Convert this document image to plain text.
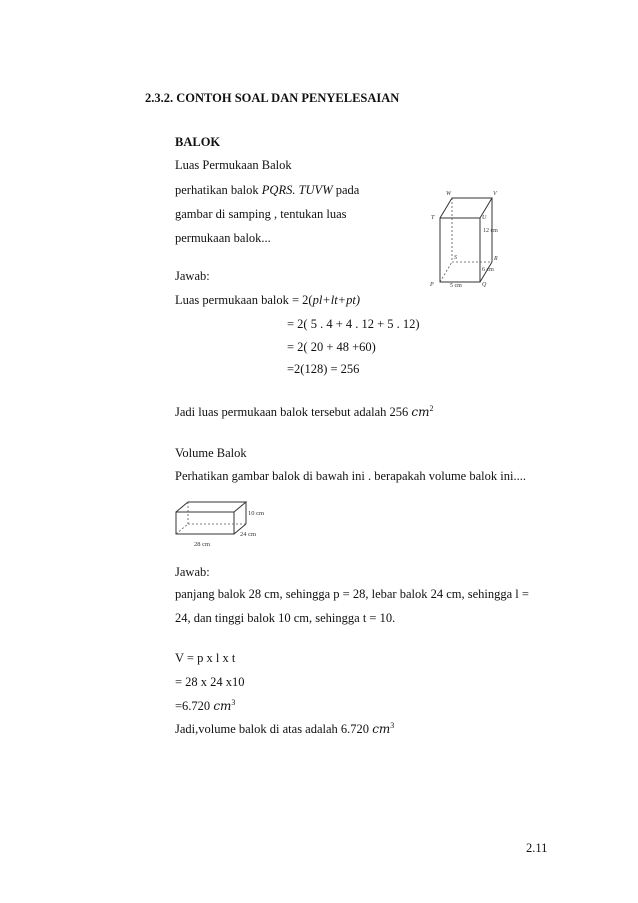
2.3.2. CONTOH SOAL DAN PENYELESAIAN
BALOK
Luas Permukaan Balok
perhatikan balok PQRS. TUVW pada
gambar di samping , tentukan luas
permukaan balok...
W	V
T	U
S	R
P	Q
12 cm
6 cm
5 cm
Jawab:
Luas permukaan balok = 2(pl+lt+pt)
= 2( 5 . 4 + 4 . 12 + 5 . 12)
= 2( 20 + 48 +60)
=2(128) = 256
Jadi luas permukaan balok tersebut adalah 256 $cm^2$
Volume Balok
Perhatikan gambar balok di bawah ini . berapakah volume balok ini....
10 cm
24 cm
28 cm
Jawab:
panjang balok 28 cm, sehingga p = 28, lebar balok 24 cm, sehingga l =
24, dan tinggi balok 10 cm, sehingga t = 10.
V = p x l x t
= 28 x 24 x10
=6.720 $cm^3$
Jadi,volume balok di atas adalah 6.720 $cm^3$
2.11
